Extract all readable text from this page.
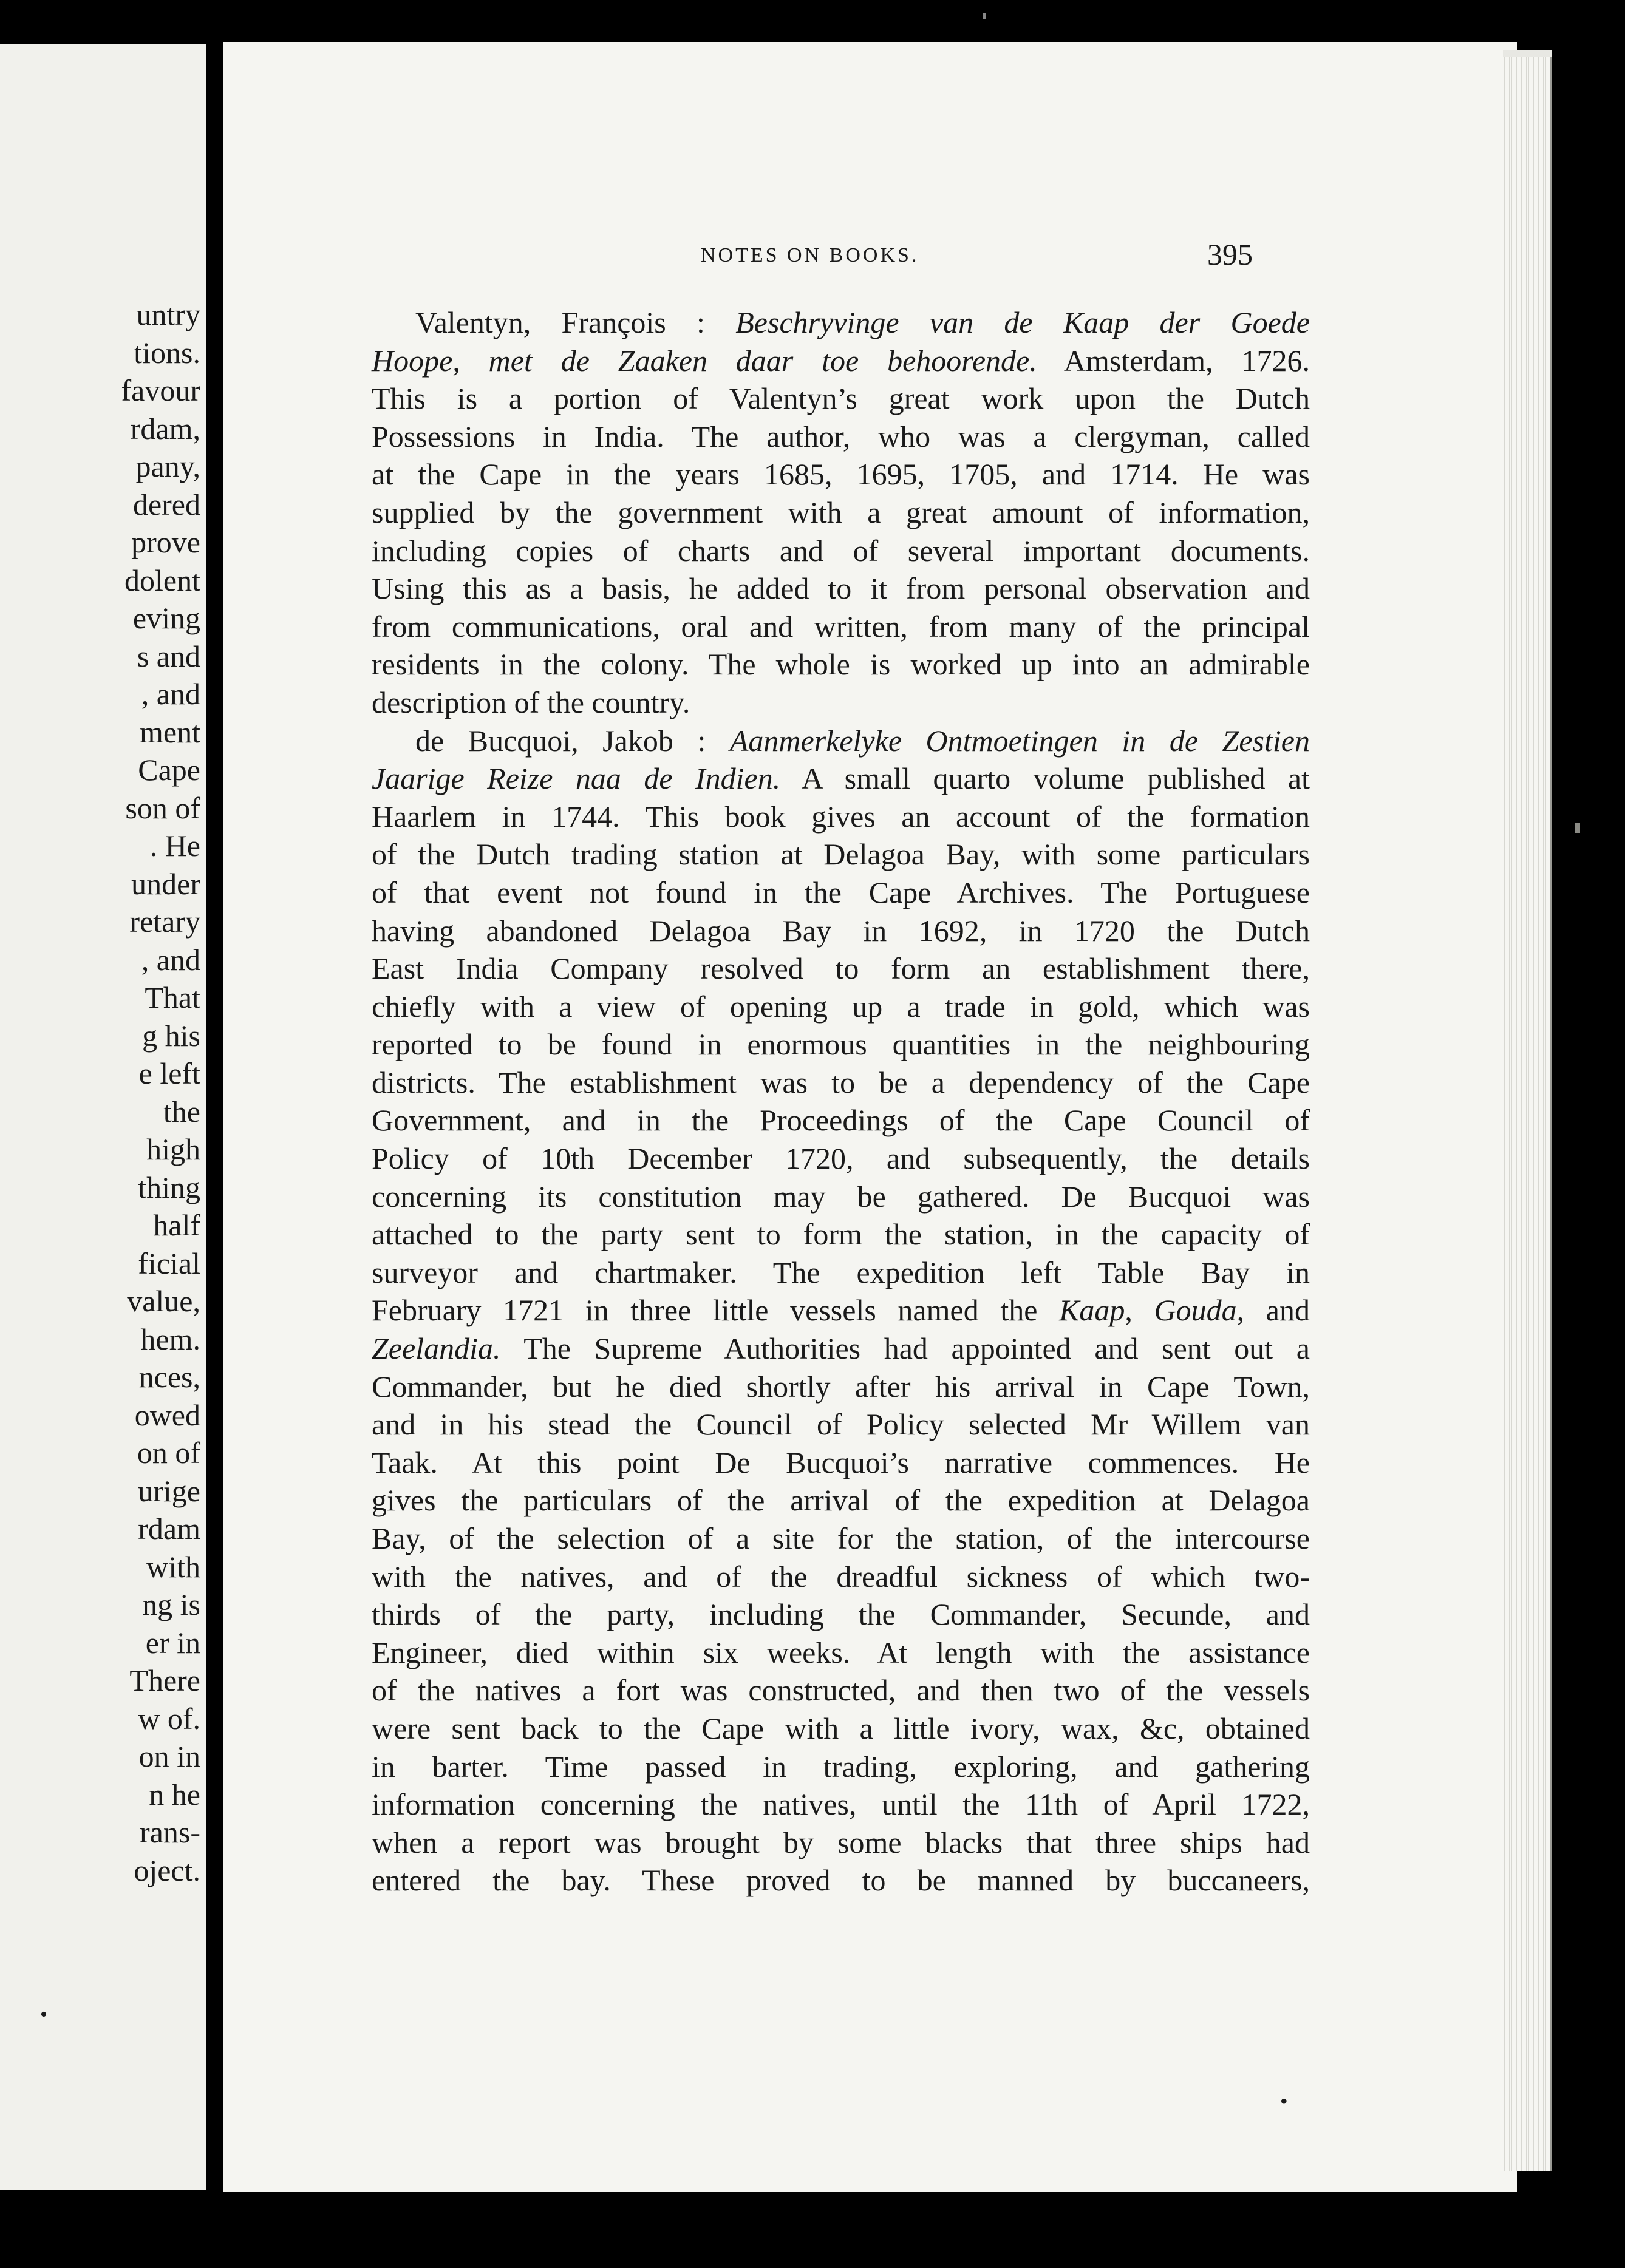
untry
tions.
favour
rdam,
pany,
dered
prove
dolent
eving
s and
, and
ment
Cape
son of
. He
under
retary
, and
That
g his
e left
the
high
thing
half
ficial
value,
hem.
nces,
owed
on of
urige
rdam
with
ng is
er in
There
w of.
on in
n he
rans-
oject.
•
NOTES ON BOOKS.	395
Valentyn, François : Beschryvinge van de Kaap der Goede
Hoope, met de Zaaken daar toe behoorende. Amsterdam, 1726.
This is a portion of Valentyn’s great work upon the Dutch
Possessions in India. The author, who was a clergyman, called
at the Cape in the years 1685, 1695, 1705, and 1714. He was
supplied by the government with a great amount of information,
including copies of charts and of several important documents.
Using this as a basis, he added to it from personal observation and
from communications, oral and written, from many of the principal
residents in the colony. The whole is worked up into an admirable
description of the country.
de Bucquoi, Jakob : Aanmerkelyke Ontmoetingen in de Zestien
Jaarige Reize naa de Indien. A small quarto volume published at
Haarlem in 1744. This book gives an account of the formation
of the Dutch trading station at Delagoa Bay, with some particulars
of that event not found in the Cape Archives. The Portuguese
having abandoned Delagoa Bay in 1692, in 1720 the Dutch
East India Company resolved to form an establishment there,
chiefly with a view of opening up a trade in gold, which was
reported to be found in enormous quantities in the neighbouring
districts. The establishment was to be a dependency of the Cape
Government, and in the Proceedings of the Cape Council of
Policy of 10th December 1720, and subsequently, the details
concerning its constitution may be gathered. De Bucquoi was
attached to the party sent to form the station, in the capacity of
surveyor and chartmaker. The expedition left Table Bay in
February 1721 in three little vessels named the Kaap, Gouda, and
Zeelandia. The Supreme Authorities had appointed and sent out a
Commander, but he died shortly after his arrival in Cape Town,
and in his stead the Council of Policy selected Mr Willem van
Taak. At this point De Bucquoi’s narrative commences. He
gives the particulars of the arrival of the expedition at Delagoa
Bay, of the selection of a site for the station, of the intercourse
with the natives, and of the dreadful sickness of which two-
thirds of the party, including the Commander, Secunde, and
Engineer, died within six weeks. At length with the assistance
of the natives a fort was constructed, and then two of the vessels
were sent back to the Cape with a little ivory, wax, &c, obtained
in barter. Time passed in trading, exploring, and gathering
information concerning the natives, until the 11th of April 1722,
when a report was brought by some blacks that three ships had
entered the bay. These proved to be manned by buccaneers,
•
